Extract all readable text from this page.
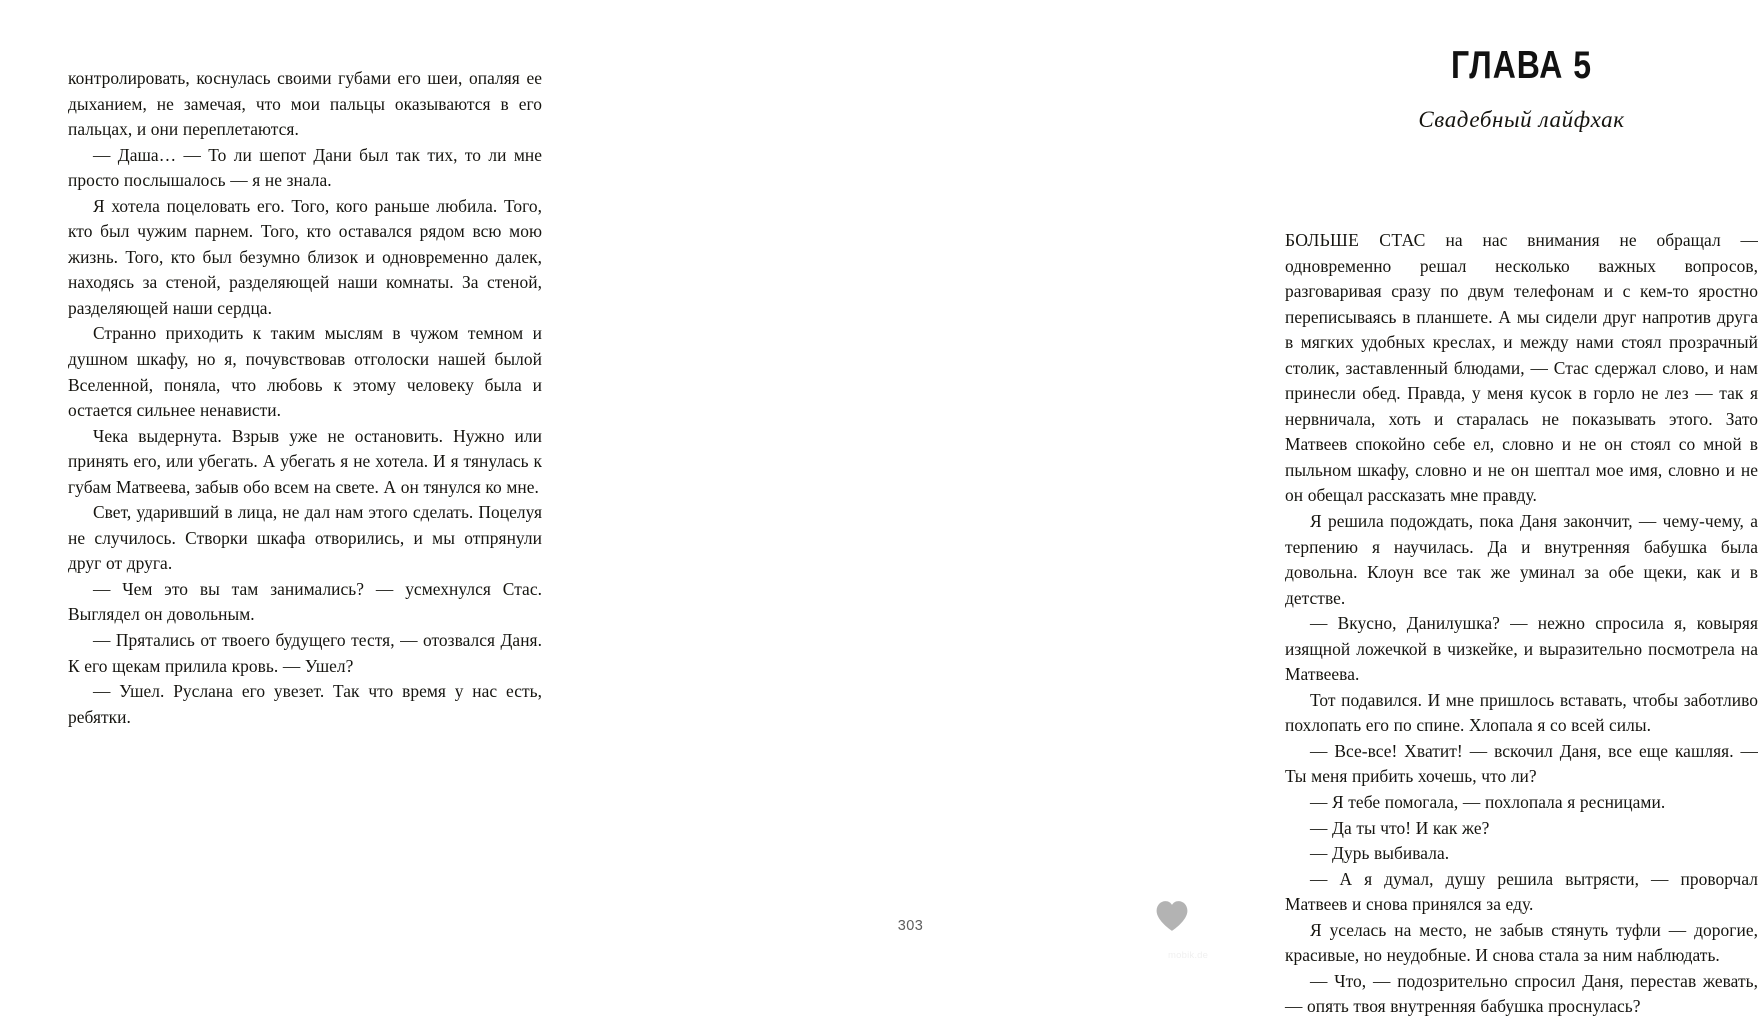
контролировать, коснулась своими губами его шеи, опаляя ее дыханием, не замечая, что мои пальцы оказываются в его пальцах, и они переплетаются.

— Даша… — То ли шепот Дани был так тих, то ли мне просто послышалось — я не знала.

Я хотела поцеловать его. Того, кого раньше любила. Того, кто был чужим парнем. Того, кто оставался рядом всю мою жизнь. Того, кто был безумно близок и одновременно далек, находясь за стеной, разделяющей наши комнаты. За стеной, разделяющей наши сердца.

Странно приходить к таким мыслям в чужом темном и душном шкафу, но я, почувствовав отголоски нашей былой Вселенной, поняла, что любовь к этому человеку была и остается сильнее ненависти.

Чека выдернута. Взрыв уже не остановить. Нужно или принять его, или убегать. А убегать я не хотела. И я тянулась к губам Матвеева, забыв обо всем на свете. А он тянулся ко мне.

Свет, ударивший в лица, не дал нам этого сделать. Поцелуя не случилось. Створки шкафа отворились, и мы отпрянули друг от друга.

— Чем это вы там занимались? — усмехнулся Стас. Выглядел он довольным.

— Прятались от твоего будущего тестя, — отозвался Даня. К его щекам прилила кровь. — Ушел?

— Ушел. Руслана его увезет. Так что время у нас есть, ребятки.

ГЛАВА 5

Свадебный лайфхак

БОЛЬШЕ СТАС на нас внимания не обращал — одновременно решал несколько важных вопросов, разговаривая сразу по двум телефонам и с кем-то яростно переписываясь в планшете. А мы сидели друг напротив друга в мягких удобных креслах, и между нами стоял прозрачный столик, заставленный блюдами, — Стас сдержал слово, и нам принесли обед. Правда, у меня кусок в горло не лез — так я нервничала, хоть и старалась не показывать этого. Зато Матвеев спокойно себе ел, словно и не он стоял со мной в пыльном шкафу, словно и не он шептал мое имя, словно и не он обещал рассказать мне правду.

Я решила подождать, пока Даня закончит, — чему-чему, а терпению я научилась. Да и внутренняя бабушка была довольна. Клоун все так же уминал за обе щеки, как и в детстве.

— Вкусно, Данилушка? — нежно спросила я, ковыряя изящной ложечкой в чизкейке, и выразительно посмотрела на Матвеева.

Тот подавился. И мне пришлось вставать, чтобы заботливо похлопать его по спине. Хлопала я со всей силы.

— Все-все! Хватит! — вскочил Даня, все еще кашляя. — Ты меня прибить хочешь, что ли?

— Я тебе помогала, — похлопала я ресницами.

— Да ты что! И как же?

— Дурь выбивала.

— А я думал, душу решила вытрясти, — проворчал Матвеев и снова принялся за еду.

Я уселась на место, не забыв стянуть туфли — дорогие, красивые, но неудобные. И снова стала за ним наблюдать.

— Что, — подозрительно спросил Даня, перестав жевать, — опять твоя внутренняя бабушка проснулась?

303
mobik.de
